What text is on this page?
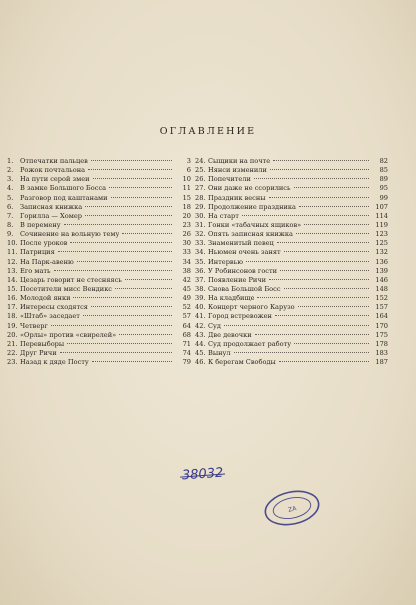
ОГЛАВЛЕНИЕ
1.	Отпечатки пальцев	3
2.	Рожок почтальона	6
3.	На пути серой змеи	10
4.	В замке Большого Босса	11
5.	Разговор под каштанами	15
6.	Записная книжка	18
7.	Горилла — Хомер	20
8.	В перемену	23
9.	Сочинение на вольную тему	26
10. После уроков	30
11. Патриция	33
12. На Парк-авеню	34
13. Его мать	38
14. Цезарь говорит не стесняясь	42
15. Посетители мисс Вендикс	45
16. Молодой янки	49
17. Интересы сходятся	52
18. «Штаб» заседает	57
19. Четверг	64
20. «Орлы» против «свирелей»	68
21. Перевыборы	71
22. Друг Ричи	74
23. Назад к дяде Посту	79
24. Сыщики на почте	82
25. Нянси изменили	85
26. Попечители	89
27. Они даже не ссорились	95
28. Праздник весны	99
29. Продолжение праздника	107
30. На старт	114
31. Гонки «табачных ящиков»	119
32. Опять записная книжка	123
33. Знаменитый певец	125
34. Ньюмен очень занят	132
35. Интервью	136
36. У Робинсонов гости	139
37. Появление Ричи	146
38. Снова Большой Босс	148
39. На кладбище	152
40. Концерт черного Карузо	157
41. Город встревожен	164
42. Суд	170
43. Две девочки	175
44. Суд продолжает работу	178
45. Вынул	183
46. К берегам Свободы	187
38032
ZA
